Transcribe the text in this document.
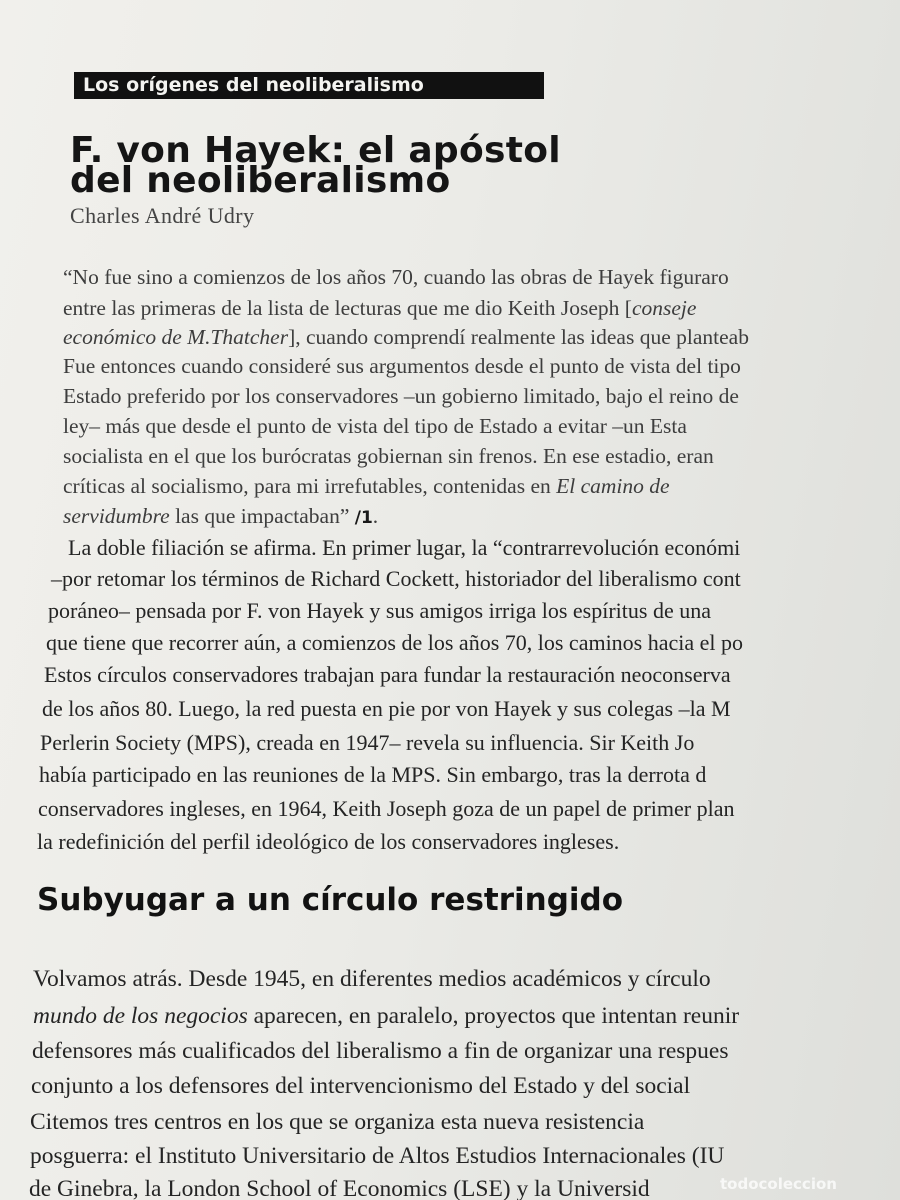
Los orígenes del neoliberalismo
F. von Hayek: el apóstol
del neoliberalismo
Charles André Udry
“No fue sino a comienzos de los años 70, cuando las obras de Hayek figuraro
entre las primeras de la lista de lecturas que me dio Keith Joseph [conseje
económico de M.Thatcher], cuando comprendí realmente las ideas que planteab
Fue entonces cuando consideré sus argumentos desde el punto de vista del tipo
Estado preferido por los conservadores –un gobierno limitado, bajo el reino de
ley– más que desde el punto de vista del tipo de Estado a evitar –un Esta
socialista en el que los burócratas gobiernan sin frenos. En ese estadio, eran
críticas al socialismo, para mi irrefutables, contenidas en El camino de
servidumbre las que impactaban” /1.
La doble filiación se afirma. En primer lugar, la “contrarrevolución económi
–por retomar los términos de Richard Cockett, historiador del liberalismo cont
poráneo– pensada por F. von Hayek y sus amigos irriga los espíritus de una
que tiene que recorrer aún, a comienzos de los años 70, los caminos hacia el po
Estos círculos conservadores trabajan para fundar la restauración neoconserva
de los años 80. Luego, la red puesta en pie por von Hayek y sus colegas –la M
Perlerin Society (MPS), creada en 1947– revela su influencia. Sir Keith Jo
había participado en las reuniones de la MPS. Sin embargo, tras la derrota d
conservadores ingleses, en 1964, Keith Joseph goza de un papel de primer plan
la redefinición del perfil ideológico de los conservadores ingleses.
Subyugar a un círculo restringido
Volvamos atrás. Desde 1945, en diferentes medios académicos y círculo
mundo de los negocios aparecen, en paralelo, proyectos que intentan reunir
defensores más cualificados del liberalismo a fin de organizar una respues
conjunto a los defensores del intervencionismo del Estado y del social
Citemos tres centros en los que se organiza esta nueva resistencia
posguerra: el Instituto Universitario de Altos Estudios Internacionales (IU
de Ginebra, la London School of Economics (LSE) y la Universid	todocoleccion
